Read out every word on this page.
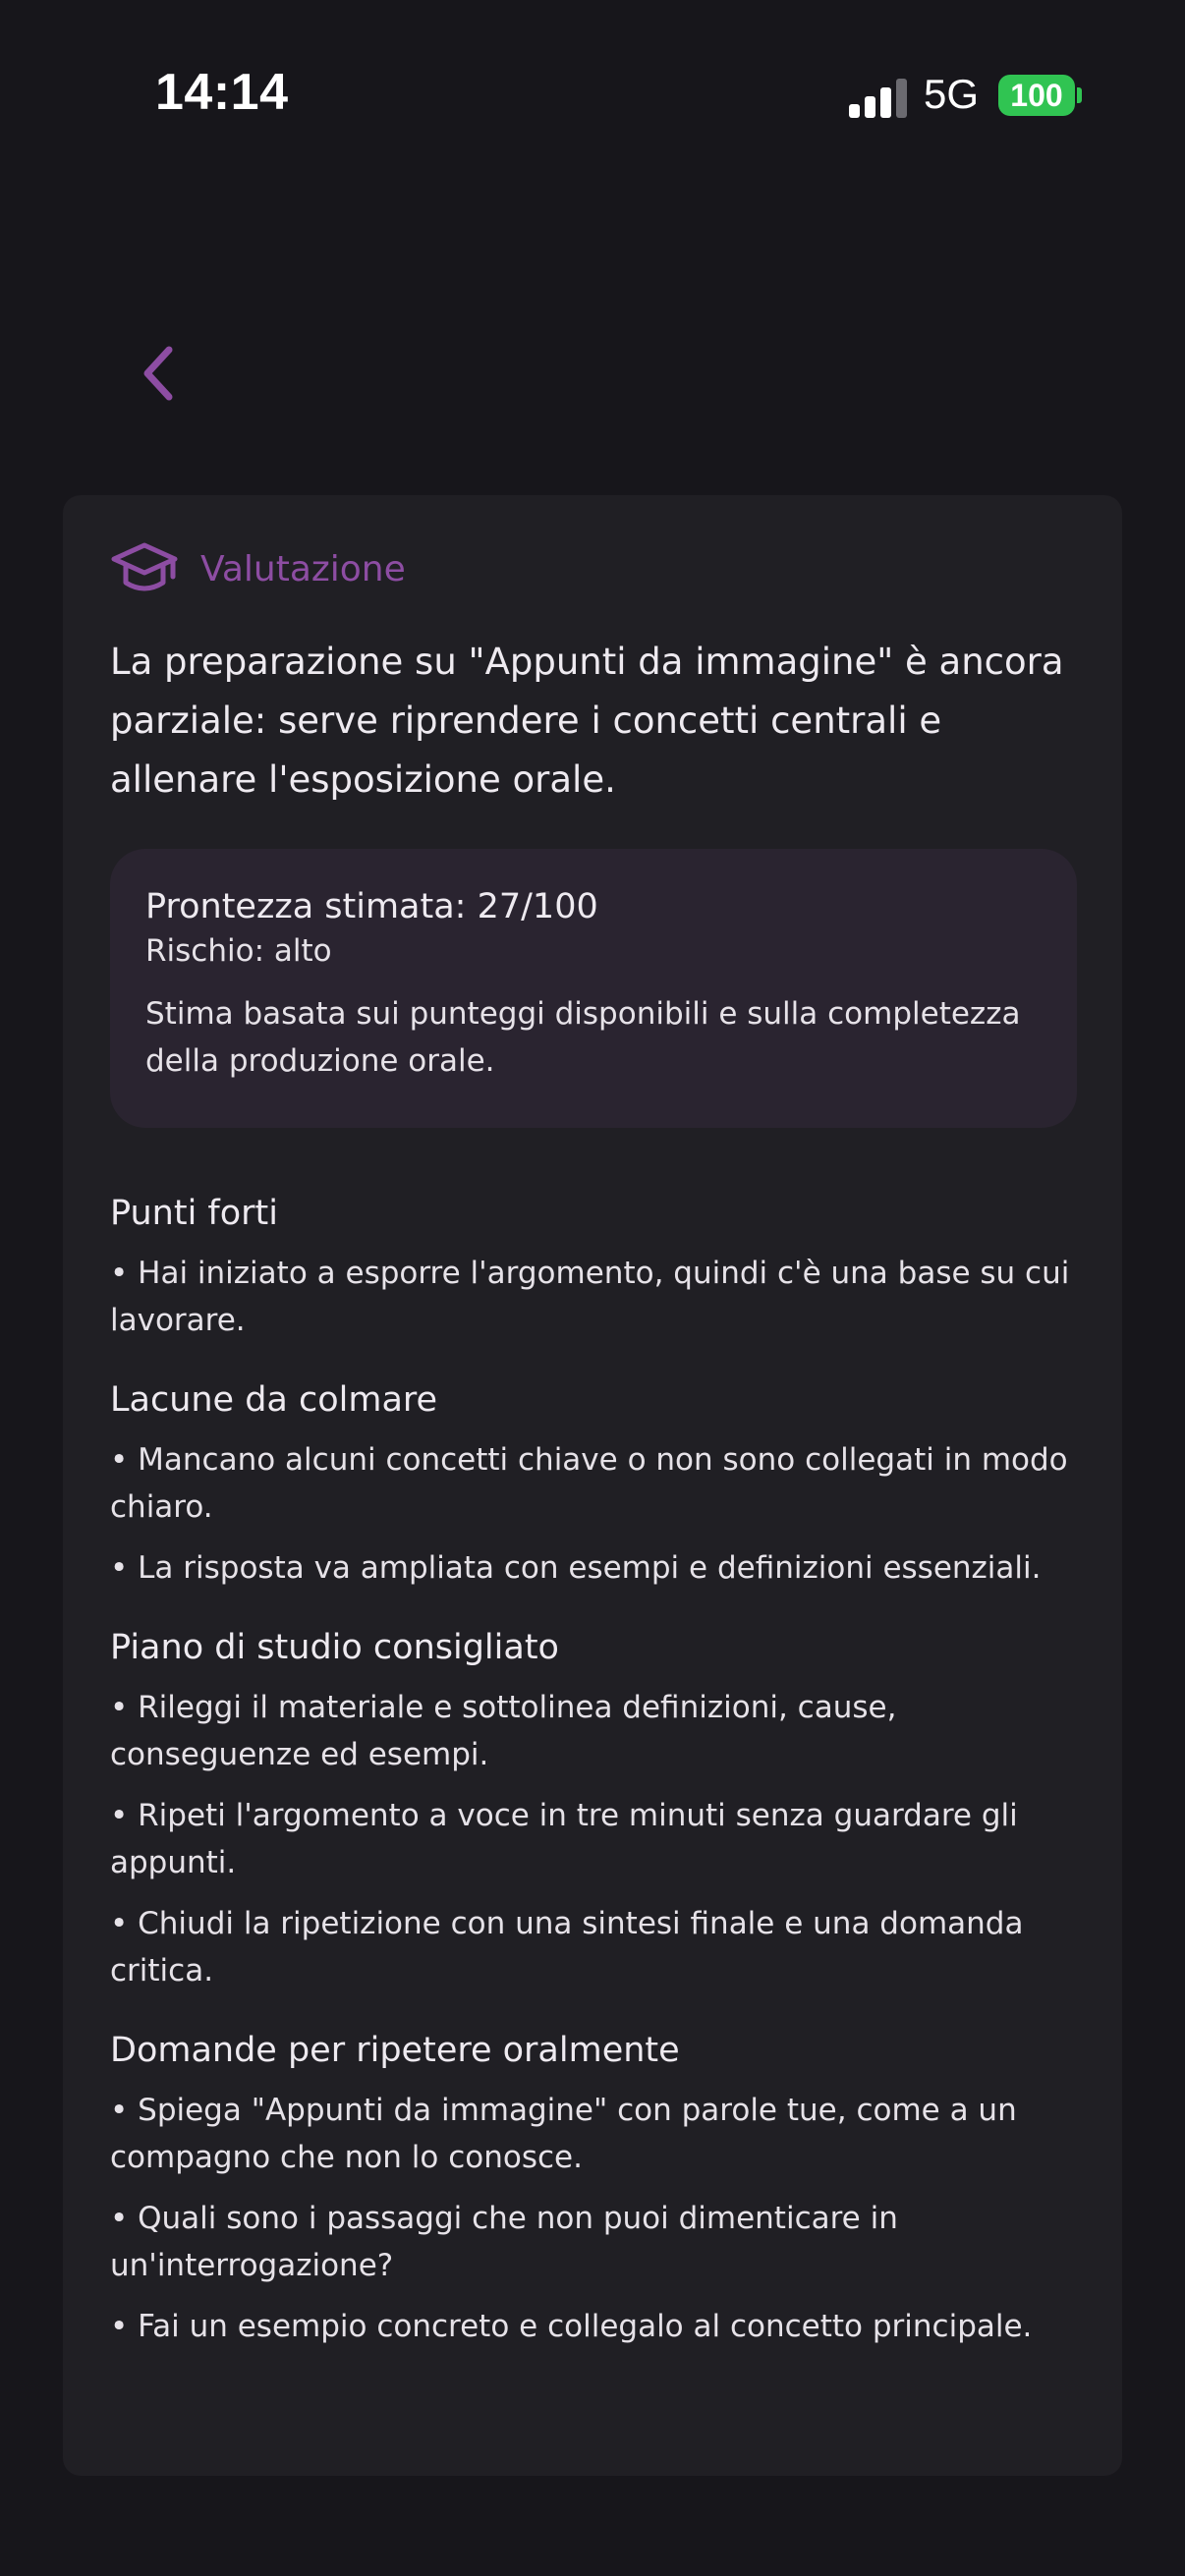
14:14	5G	100
Valutazione
La preparazione su "Appunti da immagine" è ancora parziale: serve riprendere i concetti centrali e allenare l'esposizione orale.
Prontezza stimata: 27/100
Rischio: alto
Stima basata sui punteggi disponibili e sulla completezza della produzione orale.
Punti forti
• Hai iniziato a esporre l'argomento, quindi c'è una base su cui lavorare.
Lacune da colmare
• Mancano alcuni concetti chiave o non sono collegati in modo chiaro.
• La risposta va ampliata con esempi e definizioni essenziali.
Piano di studio consigliato
• Rileggi il materiale e sottolinea definizioni, cause, conseguenze ed esempi.
• Ripeti l'argomento a voce in tre minuti senza guardare gli appunti.
• Chiudi la ripetizione con una sintesi finale e una domanda critica.
Domande per ripetere oralmente
• Spiega "Appunti da immagine" con parole tue, come a un compagno che non lo conosce.
• Quali sono i passaggi che non puoi dimenticare in un'interrogazione?
• Fai un esempio concreto e collegalo al concetto principale.
